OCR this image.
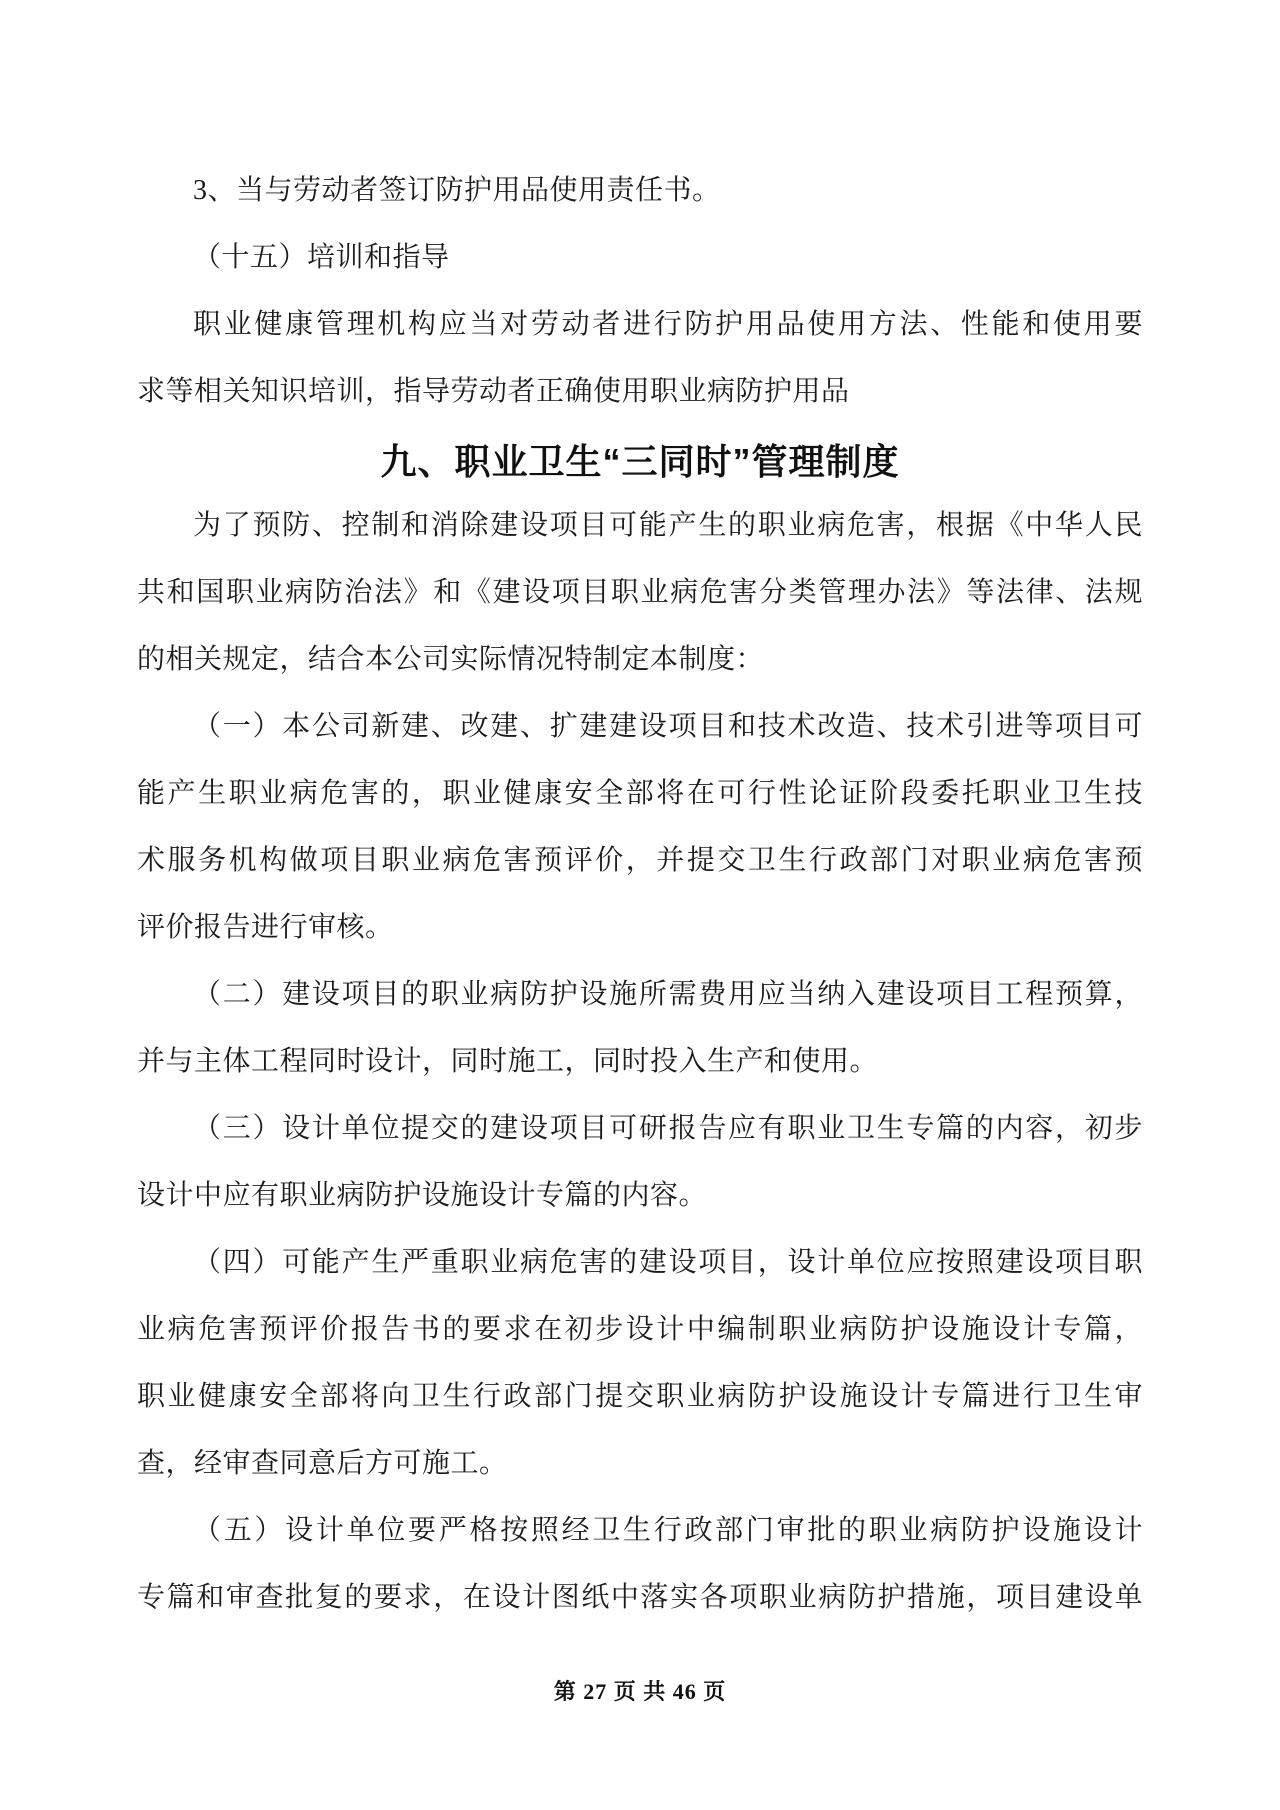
3、当与劳动者签订防护用品使用责任书。
（十五）培训和指导
职业健康管理机构应当对劳动者进行防护用品使用方法、性能和使用要
求等相关知识培训，指导劳动者正确使用职业病防护用品
九、职业卫生“三同时”管理制度
为了预防、控制和消除建设项目可能产生的职业病危害，根据《中华人民
共和国职业病防治法》和《建设项目职业病危害分类管理办法》等法律、法规
的相关规定，结合本公司实际情况特制定本制度：
（一）本公司新建、改建、扩建建设项目和技术改造、技术引进等项目可
能产生职业病危害的，职业健康安全部将在可行性论证阶段委托职业卫生技
术服务机构做项目职业病危害预评价，并提交卫生行政部门对职业病危害预
评价报告进行审核。
（二）建设项目的职业病防护设施所需费用应当纳入建设项目工程预算，
并与主体工程同时设计，同时施工，同时投入生产和使用。
（三）设计单位提交的建设项目可研报告应有职业卫生专篇的内容，初步
设计中应有职业病防护设施设计专篇的内容。
（四）可能产生严重职业病危害的建设项目，设计单位应按照建设项目职
业病危害预评价报告书的要求在初步设计中编制职业病防护设施设计专篇，
职业健康安全部将向卫生行政部门提交职业病防护设施设计专篇进行卫生审
查，经审查同意后方可施工。
（五）设计单位要严格按照经卫生行政部门审批的职业病防护设施设计
专篇和审查批复的要求，在设计图纸中落实各项职业病防护措施，项目建设单
第 27 页 共 46 页
